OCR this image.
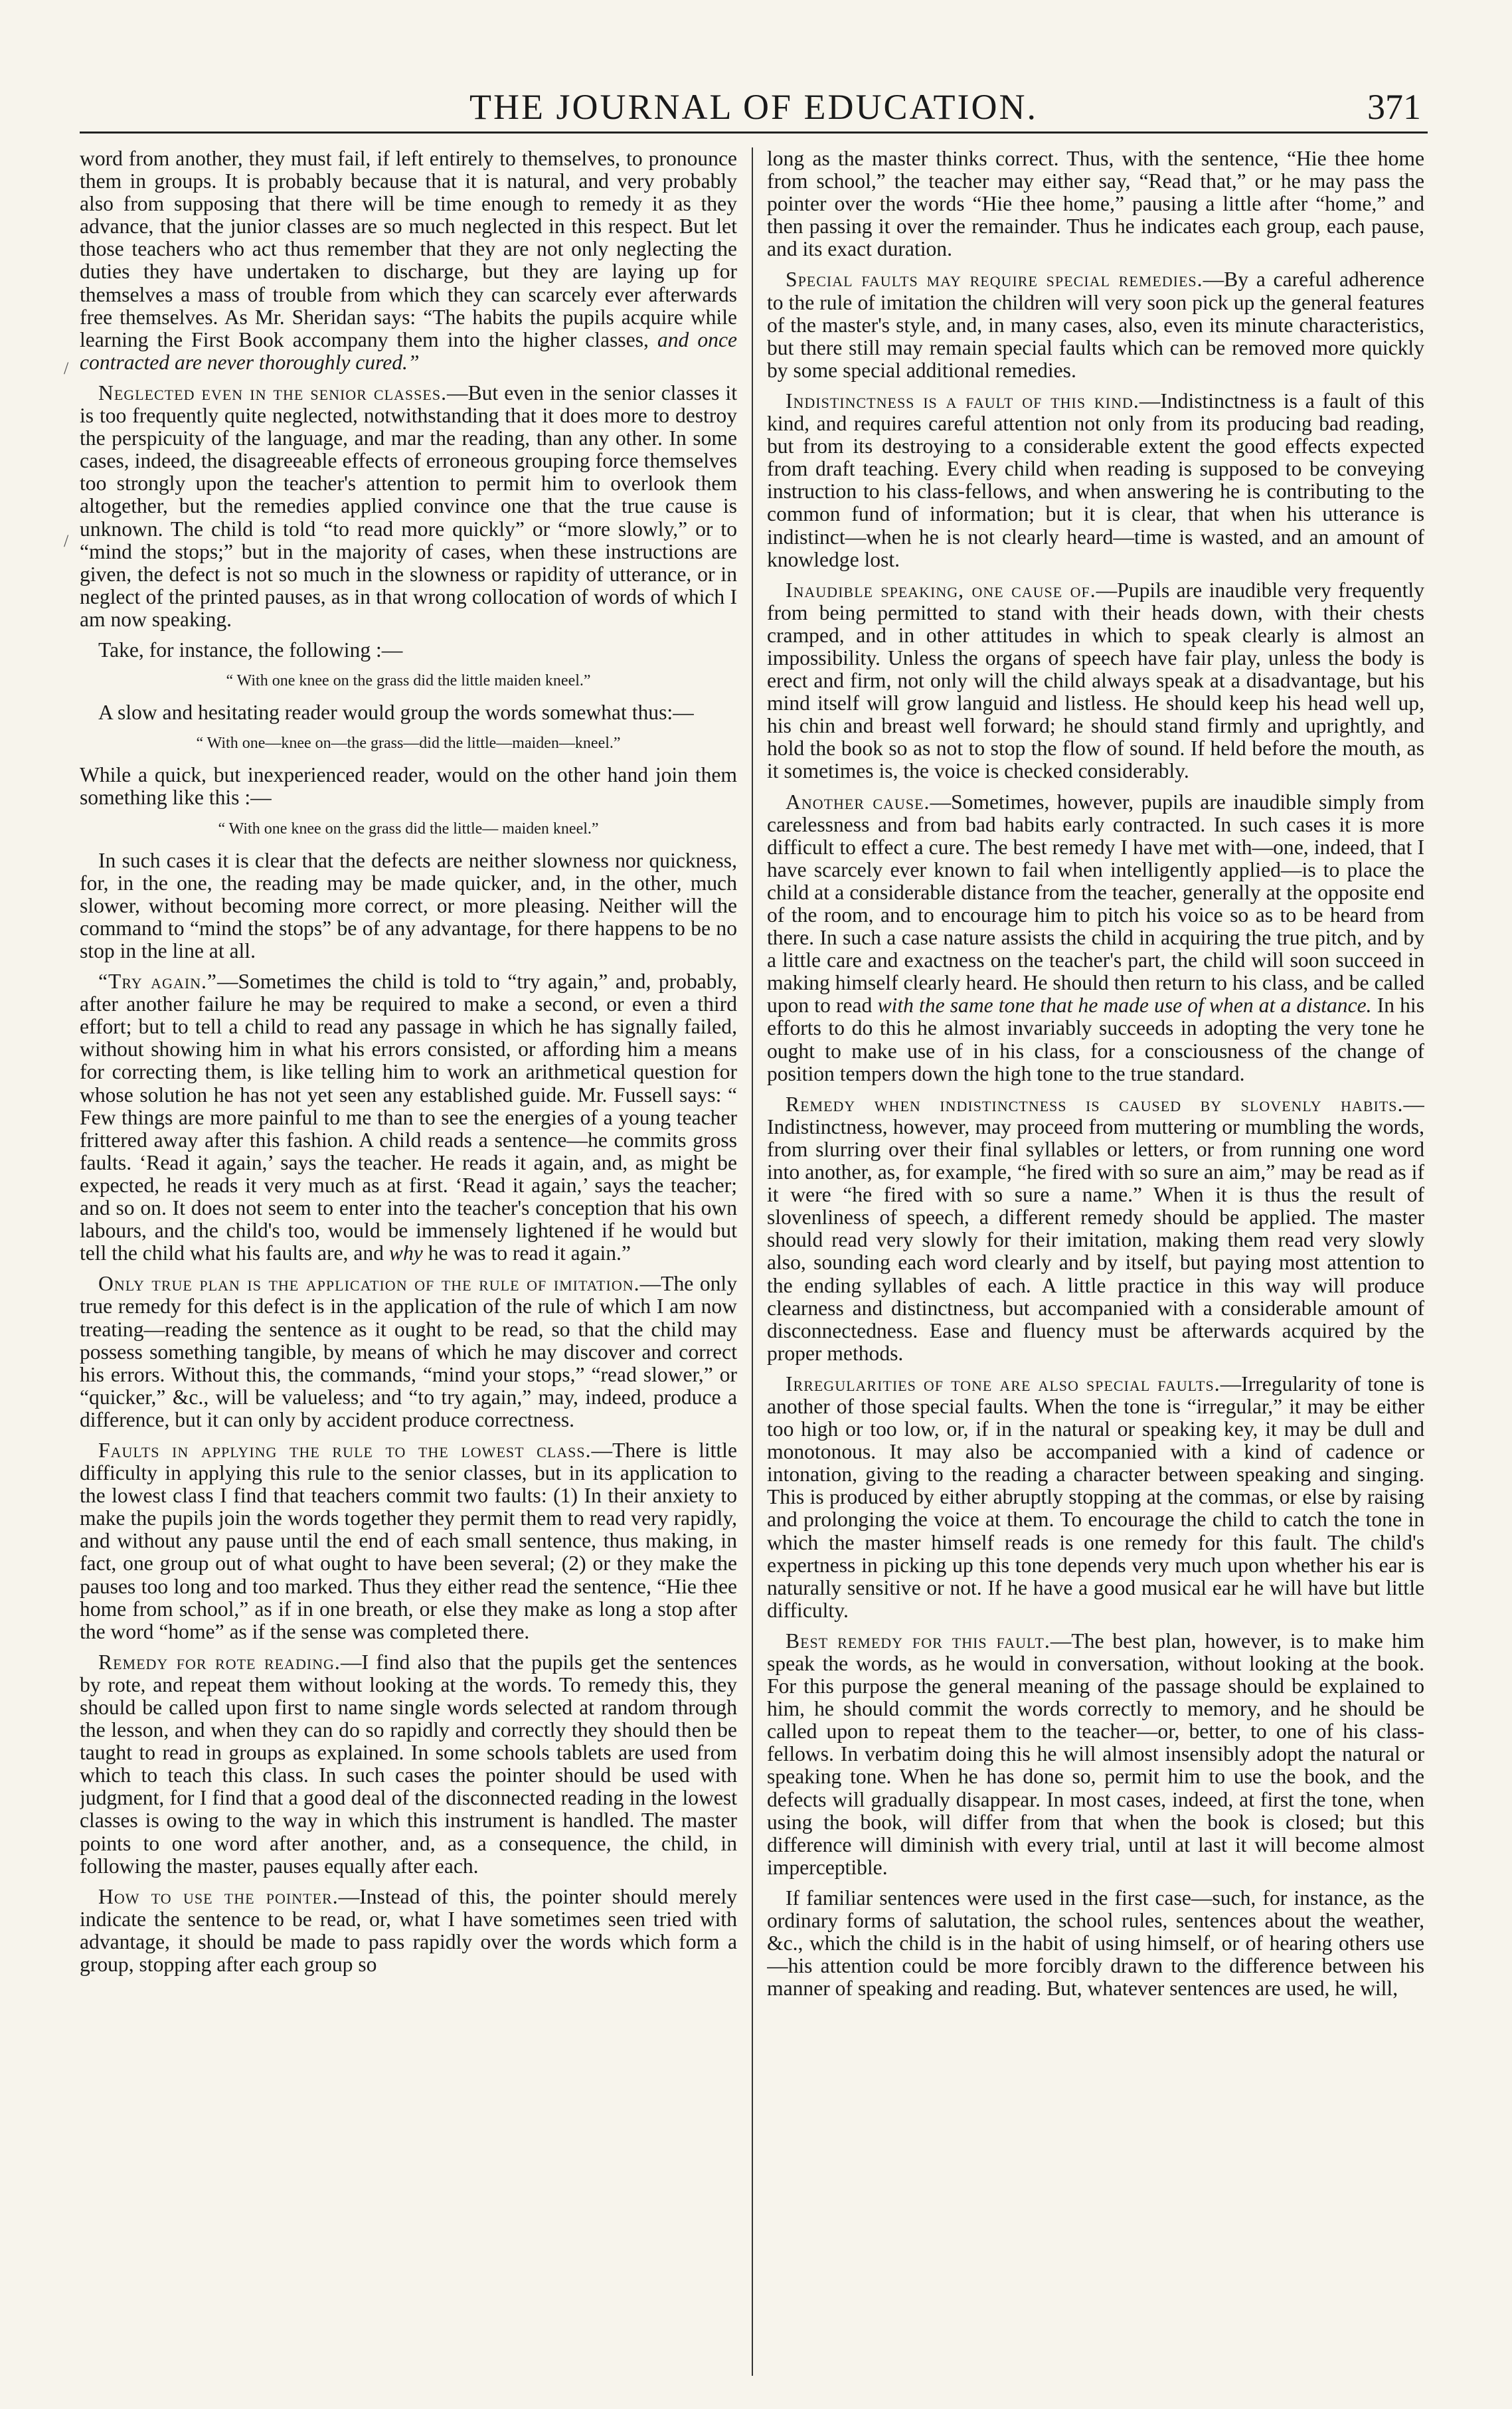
THE JOURNAL OF EDUCATION.	371
/
/

word from another, they must fail, if left entirely to themselves, to pronounce them in groups. It is probably because that it is natural, and very probably also from supposing that there will be time enough to remedy it as they advance, that the junior classes are so much neglected in this respect. But let those teachers who act thus remember that they are not only neglecting the duties they have undertaken to discharge, but they are laying up for themselves a mass of trouble from which they can scarcely ever afterwards free themselves. As Mr. Sheridan says: “The habits the pupils acquire while learning the First Book accompany them into the higher classes, and once contracted are never thoroughly cured.”

Neglected even in the senior classes.—But even in the senior classes it is too frequently quite neglected, notwithstanding that it does more to destroy the perspicuity of the language, and mar the reading, than any other. In some cases, indeed, the disagreeable effects of erroneous grouping force themselves too strongly upon the teacher's attention to permit him to overlook them altogether, but the remedies applied convince one that the true cause is unknown. The child is told “to read more quickly” or “more slowly,” or to “mind the stops;” but in the majority of cases, when these instructions are given, the defect is not so much in the slowness or rapidity of utterance, or in neglect of the printed pauses, as in that wrong collocation of words of which I am now speaking.

Take, for instance, the following :—

“ With one knee on the grass did the little maiden kneel.”

A slow and hesitating reader would group the words somewhat thus:—

“ With one—knee on—the grass—did the little—maiden—kneel.”

While a quick, but inexperienced reader, would on the other hand join them something like this :—

“ With one knee on the grass did the little— maiden kneel.”

In such cases it is clear that the defects are neither slowness nor quickness, for, in the one, the reading may be made quicker, and, in the other, much slower, without becoming more correct, or more pleasing. Neither will the command to “mind the stops” be of any advantage, for there happens to be no stop in the line at all.

“Try again.”—Sometimes the child is told to “try again,” and, probably, after another failure he may be required to make a second, or even a third effort; but to tell a child to read any passage in which he has signally failed, without showing him in what his errors consisted, or affording him a means for correcting them, is like telling him to work an arithmetical question for whose solution he has not yet seen any established guide. Mr. Fussell says: “ Few things are more painful to me than to see the energies of a young teacher frittered away after this fashion. A child reads a sentence—he commits gross faults. ‘Read it again,’ says the teacher. He reads it again, and, as might be expected, he reads it very much as at first. ‘Read it again,’ says the teacher; and so on. It does not seem to enter into the teacher's conception that his own labours, and the child's too, would be immensely lightened if he would but tell the child what his faults are, and why he was to read it again.”

Only true plan is the application of the rule of imitation.—The only true remedy for this defect is in the application of the rule of which I am now treating—reading the sentence as it ought to be read, so that the child may possess something tangible, by means of which he may discover and correct his errors. Without this, the commands, “mind your stops,” “read slower,” or “quicker,” &c., will be valueless; and “to try again,” may, indeed, produce a difference, but it can only by accident produce correctness.

Faults in applying the rule to the lowest class.—There is little difficulty in applying this rule to the senior classes, but in its application to the lowest class I find that teachers commit two faults: (1) In their anxiety to make the pupils join the words together they permit them to read very rapidly, and without any pause until the end of each small sentence, thus making, in fact, one group out of what ought to have been several; (2) or they make the pauses too long and too marked. Thus they either read the sentence, “Hie thee home from school,” as if in one breath, or else they make as long a stop after the word “home” as if the sense was completed there.

Remedy for rote reading.—I find also that the pupils get the sentences by rote, and repeat them without looking at the words. To remedy this, they should be called upon first to name single words selected at random through the lesson, and when they can do so rapidly and correctly they should then be taught to read in groups as explained. In some schools tablets are used from which to teach this class. In such cases the pointer should be used with judgment, for I find that a good deal of the disconnected reading in the lowest classes is owing to the way in which this instrument is handled. The master points to one word after another, and, as a consequence, the child, in following the master, pauses equally after each.

How to use the pointer.—Instead of this, the pointer should merely indicate the sentence to be read, or, what I have sometimes seen tried with advantage, it should be made to pass rapidly over the words which form a group, stopping after each group so

long as the master thinks correct. Thus, with the sentence, “Hie thee home from school,” the teacher may either say, “Read that,” or he may pass the pointer over the words “Hie thee home,” pausing a little after “home,” and then passing it over the remainder. Thus he indicates each group, each pause, and its exact duration.

Special faults may require special remedies.—By a careful adherence to the rule of imitation the children will very soon pick up the general features of the master's style, and, in many cases, also, even its minute characteristics, but there still may remain special faults which can be removed more quickly by some special additional remedies.

Indistinctness is a fault of this kind.—Indistinctness is a fault of this kind, and requires careful attention not only from its producing bad reading, but from its destroying to a considerable extent the good effects expected from draft teaching. Every child when reading is supposed to be conveying instruction to his class-fellows, and when answering he is contributing to the common fund of information; but it is clear, that when his utterance is indistinct—when he is not clearly heard—time is wasted, and an amount of knowledge lost.

Inaudible speaking, one cause of.—Pupils are inaudible very frequently from being permitted to stand with their heads down, with their chests cramped, and in other attitudes in which to speak clearly is almost an impossibility. Unless the organs of speech have fair play, unless the body is erect and firm, not only will the child always speak at a disadvantage, but his mind itself will grow languid and listless. He should keep his head well up, his chin and breast well forward; he should stand firmly and uprightly, and hold the book so as not to stop the flow of sound. If held before the mouth, as it sometimes is, the voice is checked considerably.

Another cause.—Sometimes, however, pupils are inaudible simply from carelessness and from bad habits early contracted. In such cases it is more difficult to effect a cure. The best remedy I have met with—one, indeed, that I have scarcely ever known to fail when intelligently applied—is to place the child at a considerable distance from the teacher, generally at the opposite end of the room, and to encourage him to pitch his voice so as to be heard from there. In such a case nature assists the child in acquiring the true pitch, and by a little care and exactness on the teacher's part, the child will soon succeed in making himself clearly heard. He should then return to his class, and be called upon to read with the same tone that he made use of when at a distance. In his efforts to do this he almost invariably succeeds in adopting the very tone he ought to make use of in his class, for a consciousness of the change of position tempers down the high tone to the true standard.

Remedy when indistinctness is caused by slovenly habits.—Indistinctness, however, may proceed from muttering or mumbling the words, from slurring over their final syllables or letters, or from running one word into another, as, for example, “he fired with so sure an aim,” may be read as if it were “he fired with so sure a name.” When it is thus the result of slovenliness of speech, a different remedy should be applied. The master should read very slowly for their imitation, making them read very slowly also, sounding each word clearly and by itself, but paying most attention to the ending syllables of each. A little practice in this way will produce clearness and distinctness, but accompanied with a considerable amount of disconnectedness. Ease and fluency must be afterwards acquired by the proper methods.

Irregularities of tone are also special faults.—Irregularity of tone is another of those special faults. When the tone is “irregular,” it may be either too high or too low, or, if in the natural or speaking key, it may be dull and monotonous. It may also be accompanied with a kind of cadence or intonation, giving to the reading a character between speaking and singing. This is produced by either abruptly stopping at the commas, or else by raising and prolonging the voice at them. To encourage the child to catch the tone in which the master himself reads is one remedy for this fault. The child's expertness in picking up this tone depends very much upon whether his ear is naturally sensitive or not. If he have a good musical ear he will have but little difficulty.

Best remedy for this fault.—The best plan, however, is to make him speak the words, as he would in conversation, without looking at the book. For this purpose the general meaning of the passage should be explained to him, he should commit the words correctly to memory, and he should be called upon to repeat them to the teacher—or, better, to one of his class-fellows. In verbatim doing this he will almost insensibly adopt the natural or speaking tone. When he has done so, permit him to use the book, and the defects will gradually disappear. In most cases, indeed, at first the tone, when using the book, will differ from that when the book is closed; but this difference will diminish with every trial, until at last it will become almost imperceptible.

If familiar sentences were used in the first case—such, for instance, as the ordinary forms of salutation, the school rules, sentences about the weather, &c., which the child is in the habit of using himself, or of hearing others use—his attention could be more forcibly drawn to the difference between his manner of speaking and reading. But, whatever sentences are used, he will,
